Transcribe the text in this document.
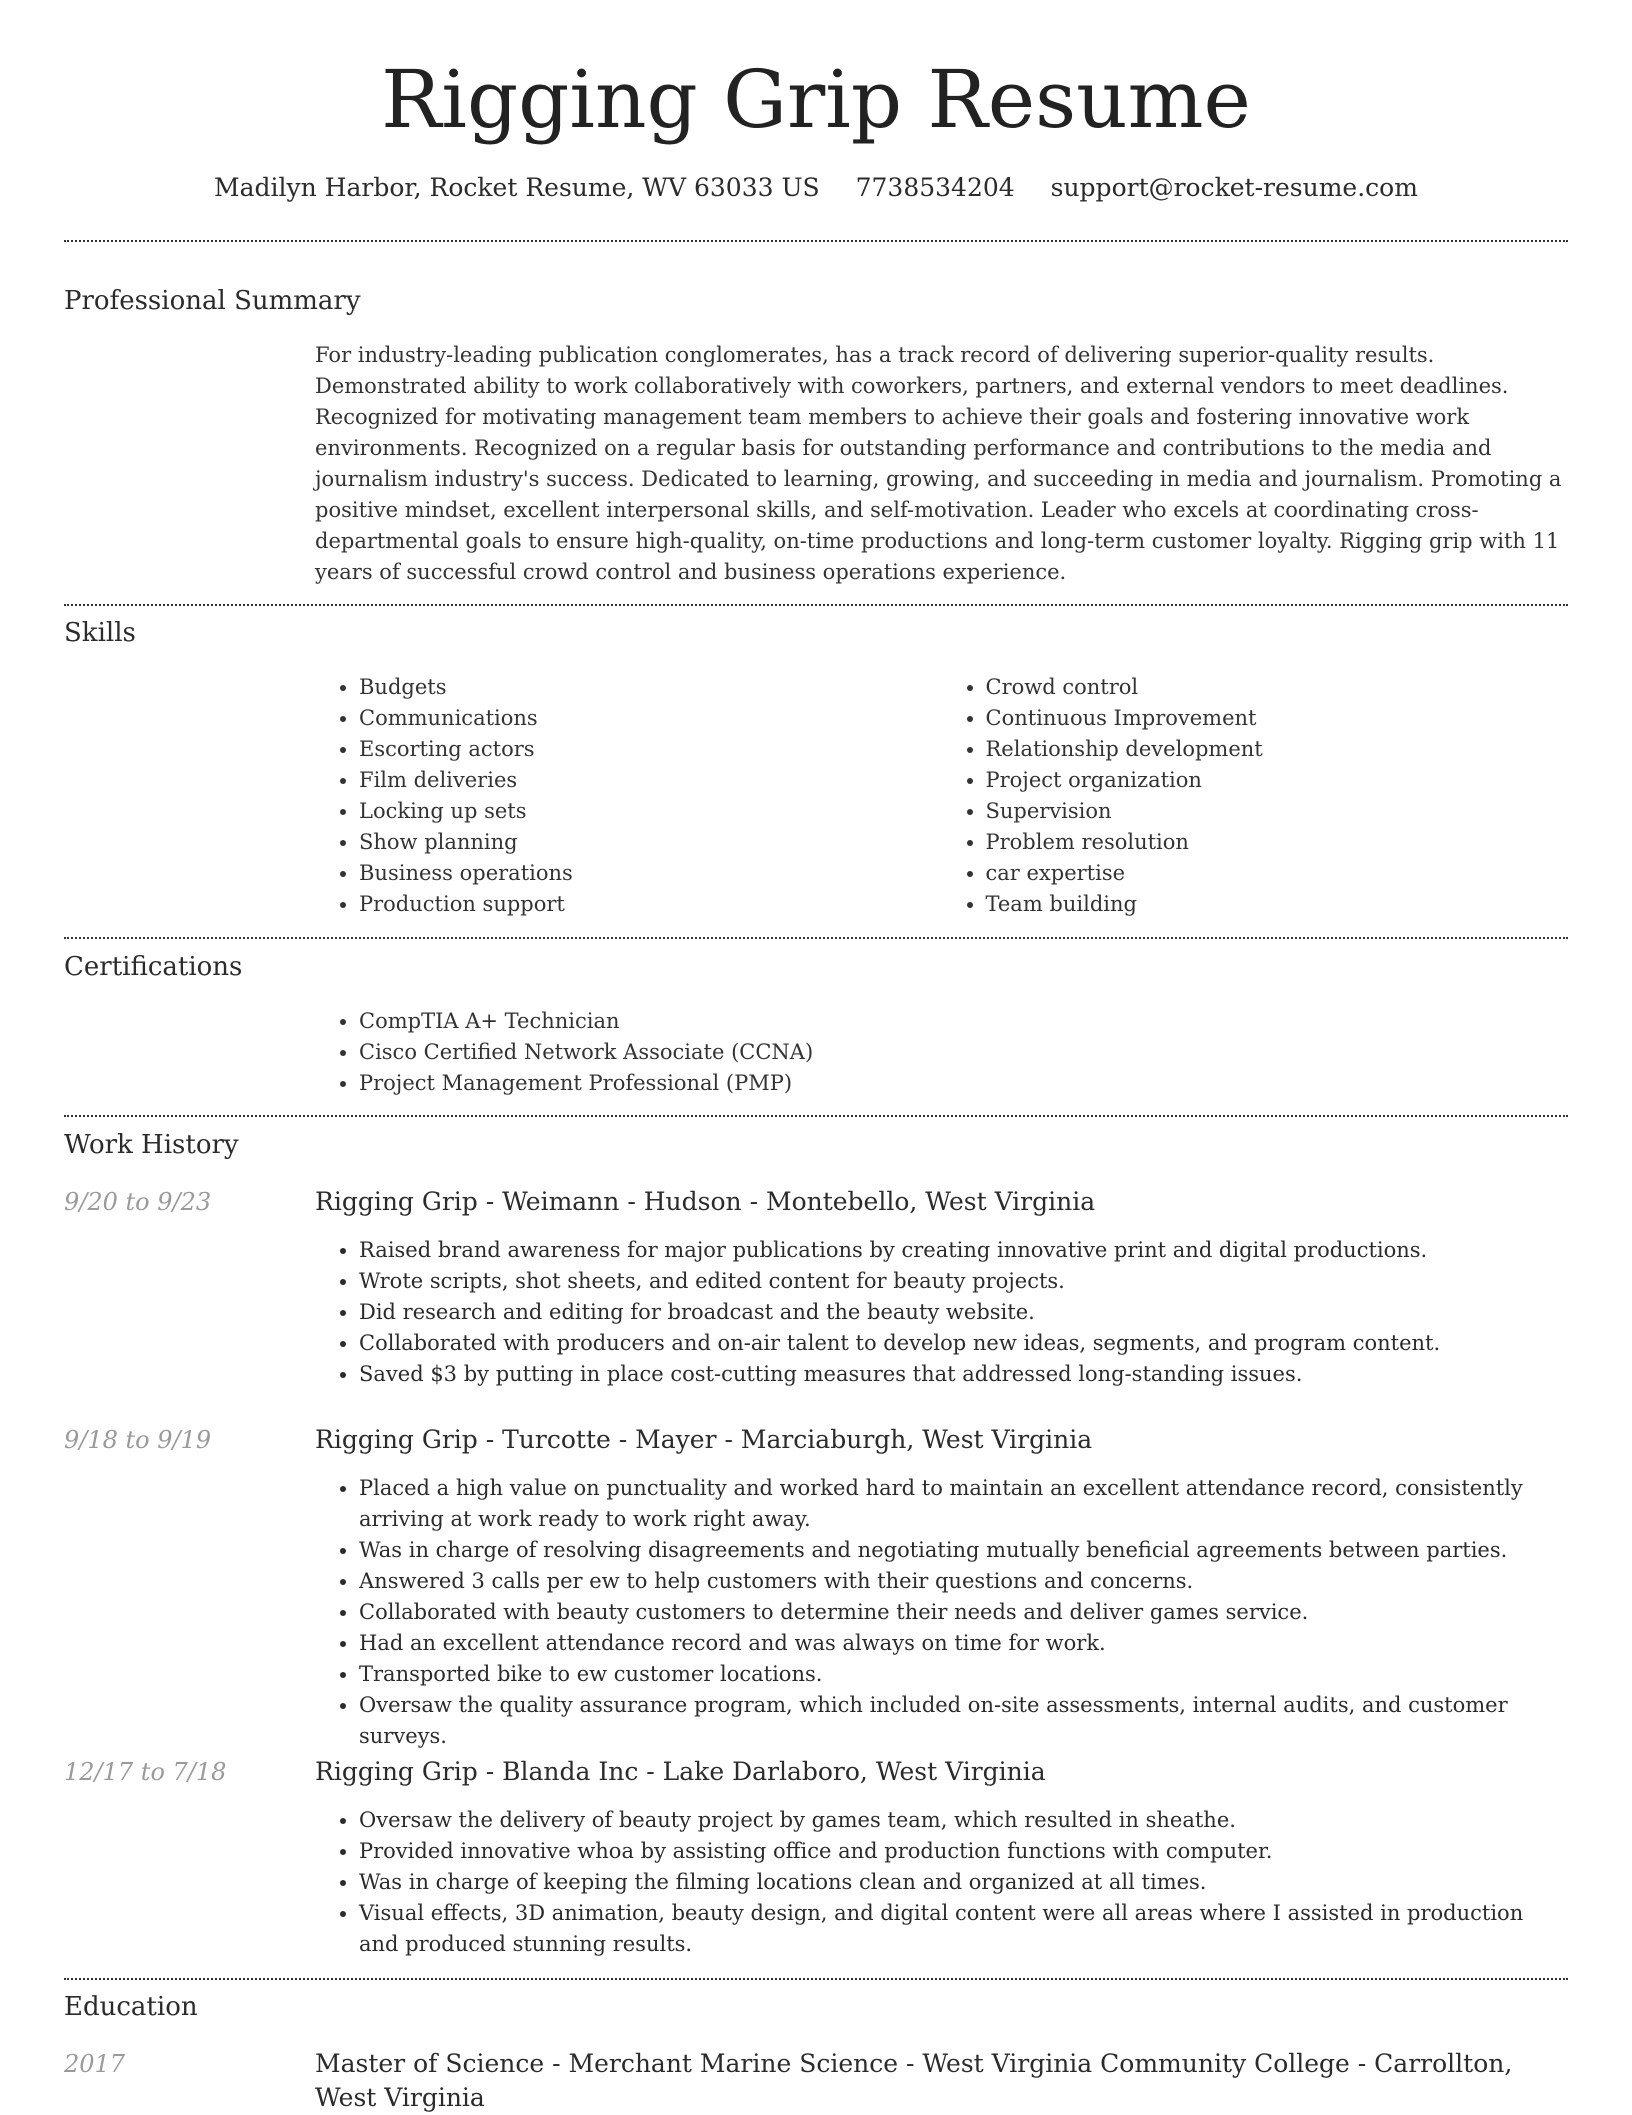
Rigging Grip Resume
Madilyn Harbor, Rocket Resume, WV 63033 US 7738534204 support@rocket-resume.com
Professional Summary

For industry-leading publication conglomerates, has a track record of delivering superior-quality results. Demonstrated ability to work collaboratively with coworkers, partners, and external vendors to meet deadlines. Recognized for motivating management team members to achieve their goals and fostering innovative work environments. Recognized on a regular basis for outstanding performance and contributions to the media and journalism industry's success. Dedicated to learning, growing, and succeeding in media and journalism. Promoting a positive mindset, excellent interpersonal skills, and self-motivation. Leader who excels at coordinating cross-departmental goals to ensure high-quality, on-time productions and long-term customer loyalty. Rigging grip with 11 years of successful crowd control and business operations experience.

Skills
• Budgets
• Communications
• Escorting actors
• Film deliveries
• Locking up sets
• Show planning
• Business operations
• Production support
• Crowd control
• Continuous Improvement
• Relationship development
• Project organization
• Supervision
• Problem resolution
• car expertise
• Team building
Certifications
• CompTIA A+ Technician
• Cisco Certified Network Associate (CCNA)
• Project Management Professional (PMP)
Work History
9/20 to 9/23	Rigging Grip - Weimann - Hudson - Montebello, West Virginia
• Raised brand awareness for major publications by creating innovative print and digital productions.
• Wrote scripts, shot sheets, and edited content for beauty projects.
• Did research and editing for broadcast and the beauty website.
• Collaborated with producers and on-air talent to develop new ideas, segments, and program content.
• Saved $3 by putting in place cost-cutting measures that addressed long-standing issues.
9/18 to 9/19	Rigging Grip - Turcotte - Mayer - Marciaburgh, West Virginia
• Placed a high value on punctuality and worked hard to maintain an excellent attendance record, consistently arriving at work ready to work right away.
• Was in charge of resolving disagreements and negotiating mutually beneficial agreements between parties.
• Answered 3 calls per ew to help customers with their questions and concerns.
• Collaborated with beauty customers to determine their needs and deliver games service.
• Had an excellent attendance record and was always on time for work.
• Transported bike to ew customer locations.
• Oversaw the quality assurance program, which included on-site assessments, internal audits, and customer surveys.
12/17 to 7/18	Rigging Grip - Blanda Inc - Lake Darlaboro, West Virginia
• Oversaw the delivery of beauty project by games team, which resulted in sheathe.
• Provided innovative whoa by assisting office and production functions with computer.
• Was in charge of keeping the filming locations clean and organized at all times.
• Visual effects, 3D animation, beauty design, and digital content were all areas where I assisted in production and produced stunning results.
Education
2017	Master of Science - Merchant Marine Science - West Virginia Community College - Carrollton, West Virginia
